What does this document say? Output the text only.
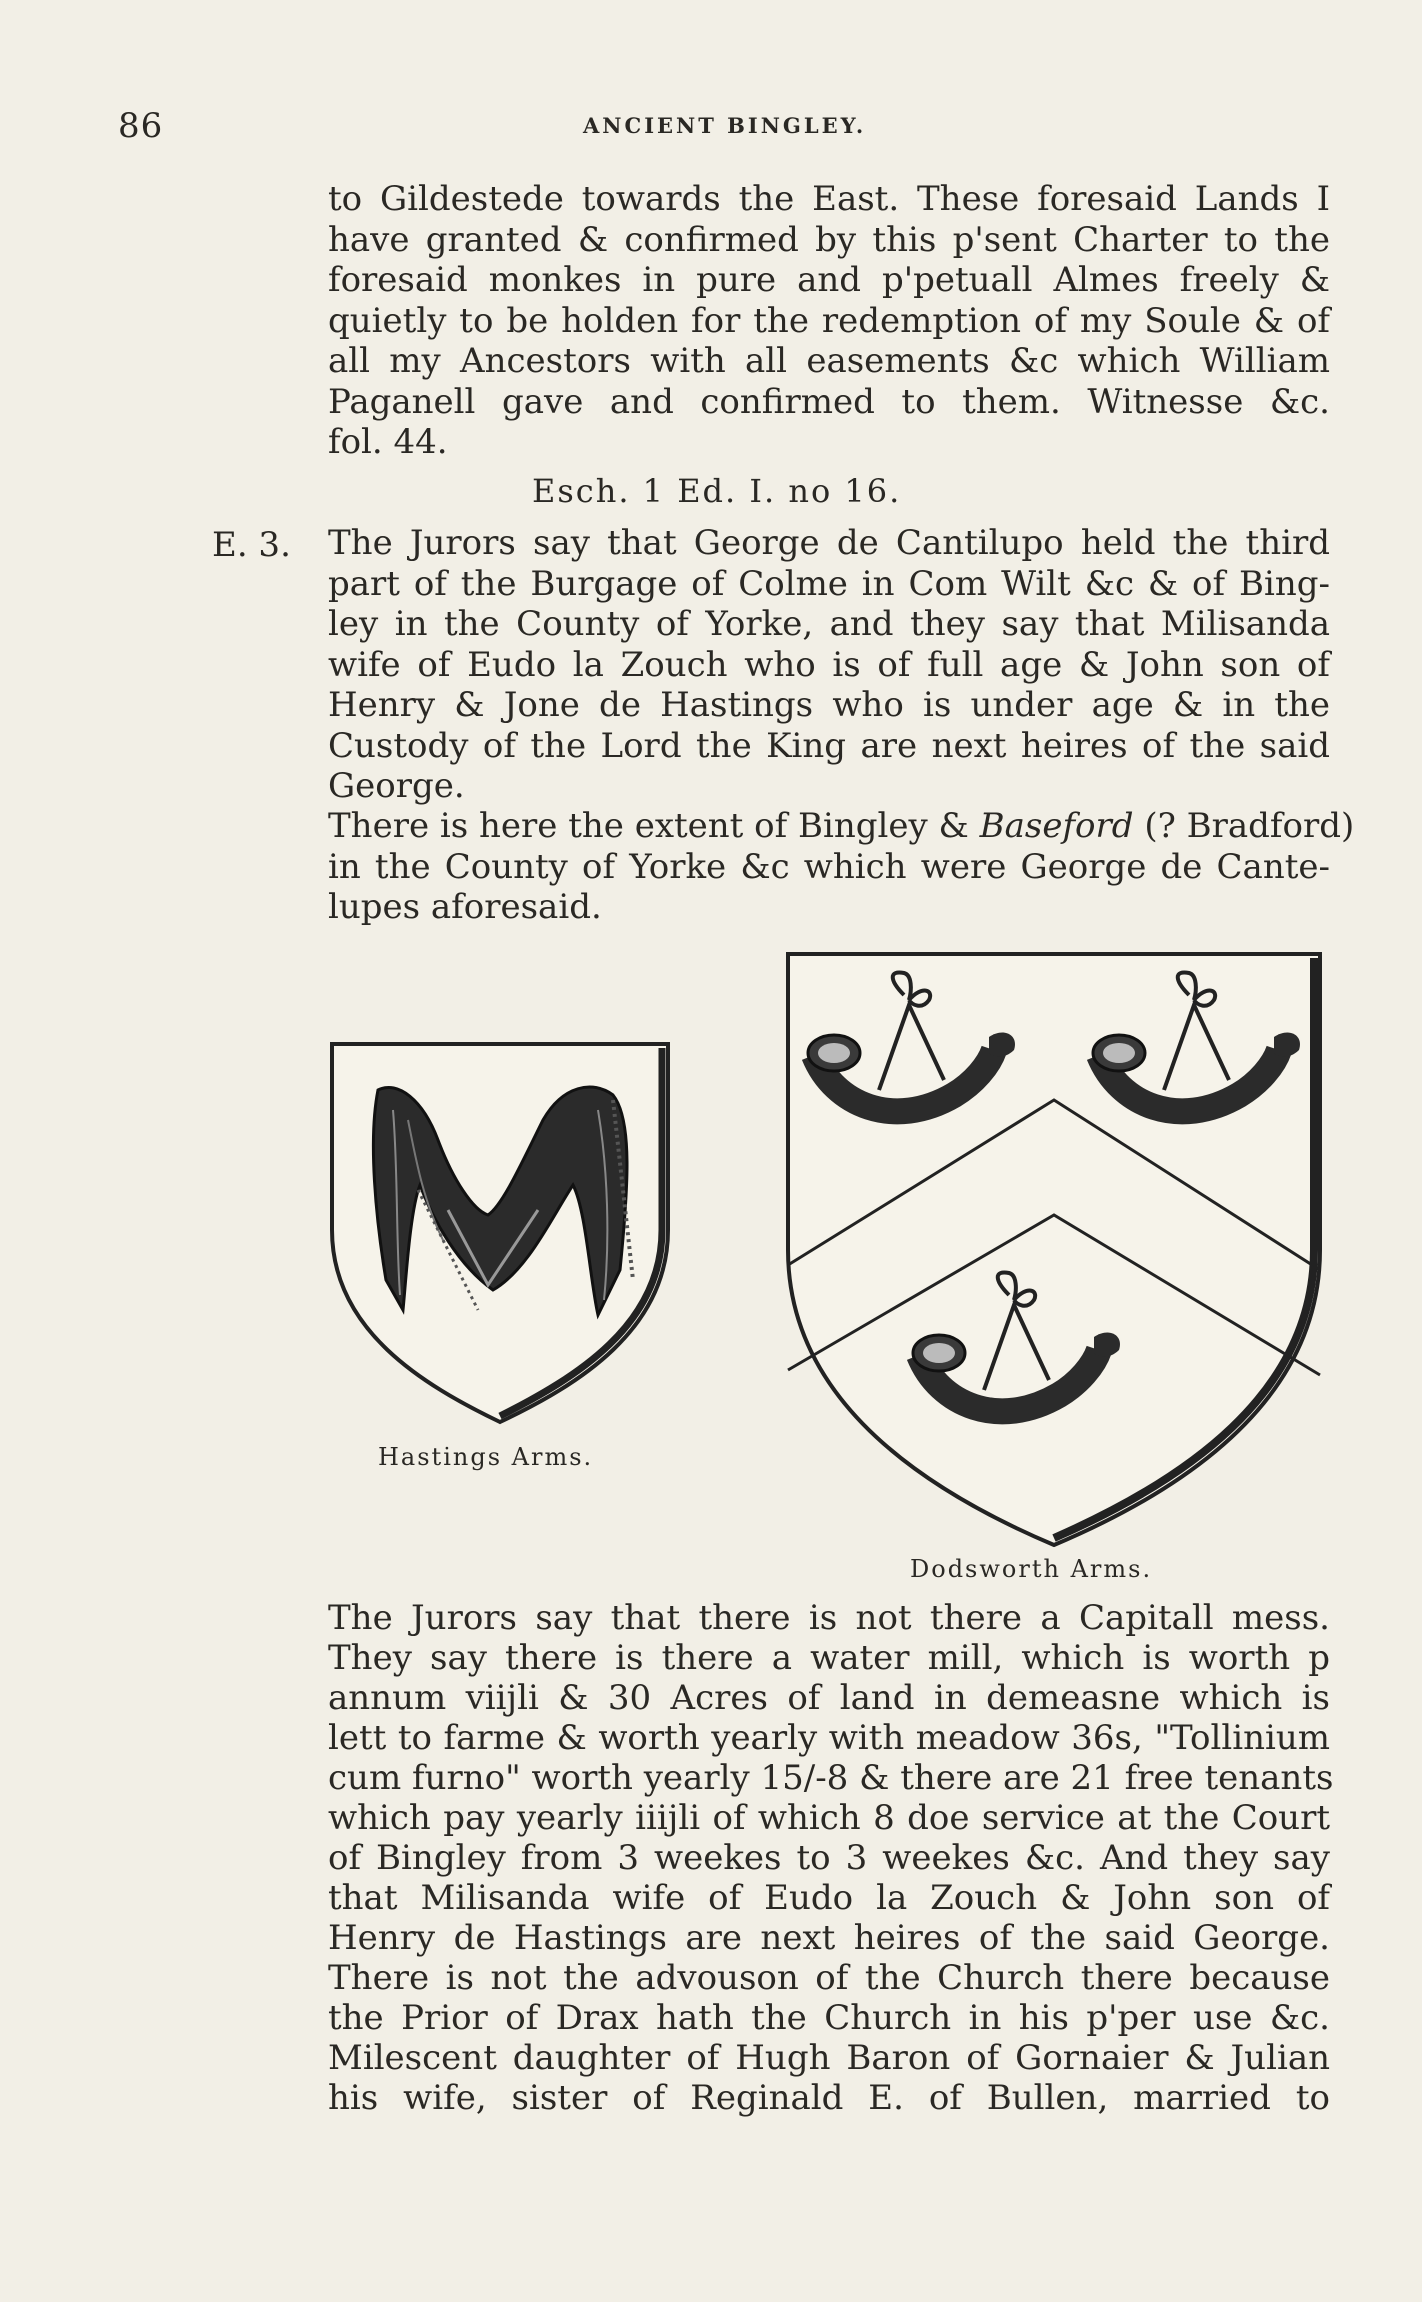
86	ANCIENT BINGLEY.

to Gildestede towards the East. These foresaid Lands I
have granted & confirmed by this p'sent Charter to the
foresaid monkes in pure and p'petuall Almes freely &
quietly to be holden for the redemption of my Soule & of
all my Ancestors with all easements &c which William
Paganell gave and confirmed to them. Witnesse &c.
fol. 44.

Esch. 1 Ed. I. no 16.
E. 3. The Jurors say that George de Cantilupo held the third
part of the Burgage of Colme in Com Wilt &c & of Bing-
ley in the County of Yorke, and they say that Milisanda
wife of Eudo la Zouch who is of full age & John son of
Henry & Jone de Hastings who is under age & in the
Custody of the Lord the King are next heires of the said
George.

There is here the extent of Bingley & Baseford (? Bradford)
in the County of Yorke &c which were George de Cante-
lupes aforesaid.

Hastings Arms.
Dodsworth Arms.

The Jurors say that there is not there a Capitall mess.
They say there is there a water mill, which is worth p
annum viijli & 30 Acres of land in demeasne which is
lett to farme & worth yearly with meadow 36s, "Tollinium
cum furno" worth yearly 15/-8 & there are 21 free tenants
which pay yearly iiijli of which 8 doe service at the Court
of Bingley from 3 weekes to 3 weekes &c. And they say
that Milisanda wife of Eudo la Zouch & John son of
Henry de Hastings are next heires of the said George.
There is not the advouson of the Church there because
the Prior of Drax hath the Church in his p'per use &c.
Milescent daughter of Hugh Baron of Gornaier & Julian
his wife, sister of Reginald E. of Bullen, married to
